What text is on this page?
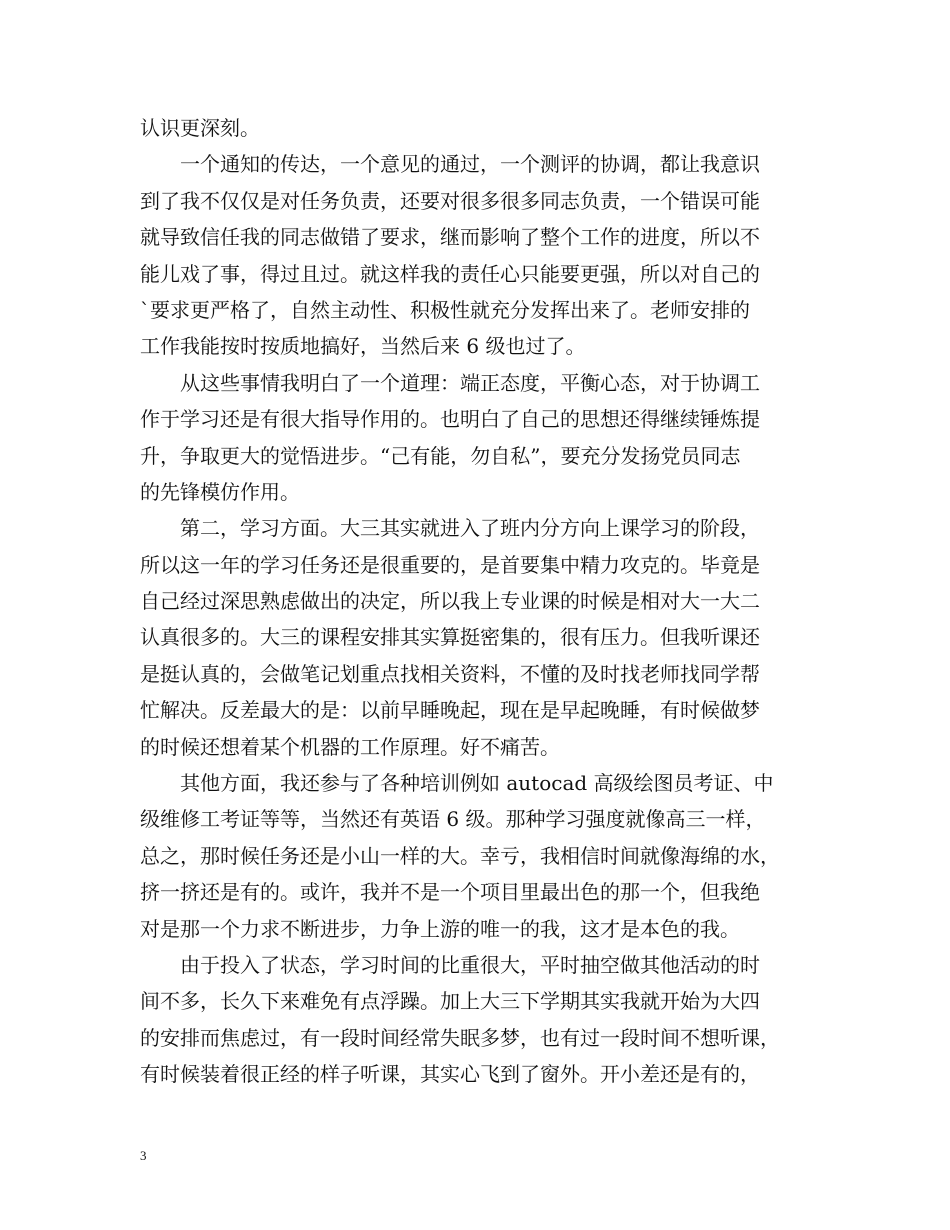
认识更深刻。
一个通知的传达，一个意见的通过，一个测评的协调，都让我意识
到了我不仅仅是对任务负责，还要对很多很多同志负责，一个错误可能
就导致信任我的同志做错了要求，继而影响了整个工作的进度，所以不
能儿戏了事，得过且过。就这样我的责任心只能要更强，所以对自己的
`要求更严格了，自然主动性、积极性就充分发挥出来了。老师安排的
工作我能按时按质地搞好，当然后来 6 级也过了。
从这些事情我明白了一个道理：端正态度，平衡心态，对于协调工
作于学习还是有很大指导作用的。也明白了自己的思想还得继续锤炼提
升，争取更大的觉悟进步。“己有能，勿自私”，要充分发扬党员同志
的先锋模仿作用。
第二，学习方面。大三其实就进入了班内分方向上课学习的阶段，
所以这一年的学习任务还是很重要的，是首要集中精力攻克的。毕竟是
自己经过深思熟虑做出的决定，所以我上专业课的时候是相对大一大二
认真很多的。大三的课程安排其实算挺密集的，很有压力。但我听课还
是挺认真的，会做笔记划重点找相关资料，不懂的及时找老师找同学帮
忙解决。反差最大的是：以前早睡晚起，现在是早起晚睡，有时候做梦
的时候还想着某个机器的工作原理。好不痛苦。
其他方面，我还参与了各种培训例如 autocad 高级绘图员考证、中
级维修工考证等等，当然还有英语 6 级。那种学习强度就像高三一样，
总之，那时候任务还是小山一样的大。幸亏，我相信时间就像海绵的水，
挤一挤还是有的。或许，我并不是一个项目里最出色的那一个，但我绝
对是那一个力求不断进步，力争上游的唯一的我，这才是本色的我。
由于投入了状态，学习时间的比重很大，平时抽空做其他活动的时
间不多，长久下来难免有点浮躁。加上大三下学期其实我就开始为大四
的安排而焦虑过，有一段时间经常失眠多梦，也有过一段时间不想听课，
有时候装着很正经的样子听课，其实心飞到了窗外。开小差还是有的，
3
